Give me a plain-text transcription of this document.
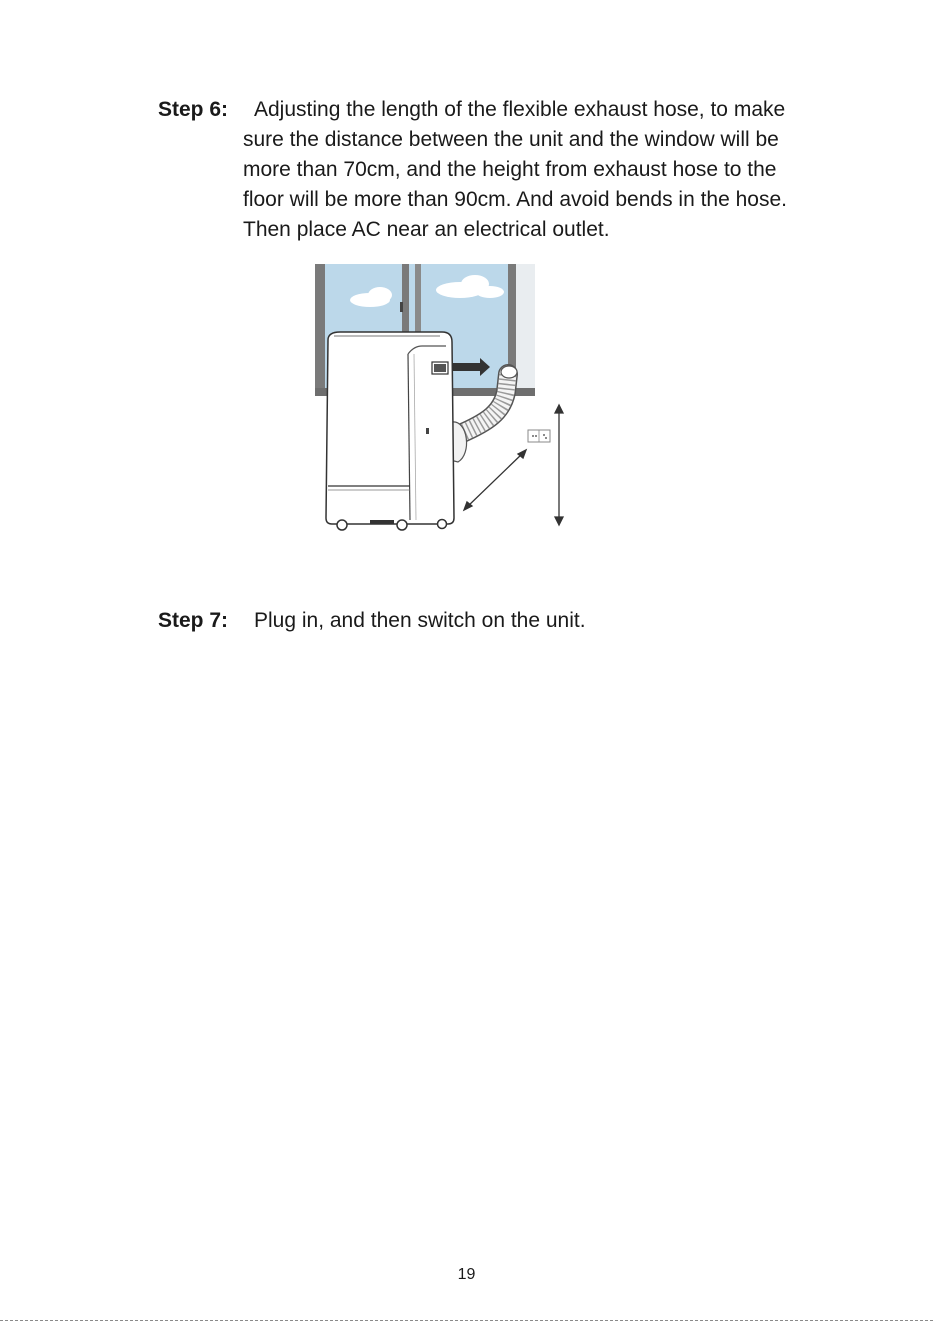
Step 6:	Adjusting the length of the flexible exhaust hose, to make
sure the distance between the unit and the window will be
more than 70cm, and the height from exhaust hose to the
floor will be more than 90cm. And avoid bends in the hose.
Then place AC near an electrical outlet.
Step 7: Plug in, and then switch on the unit.
19
